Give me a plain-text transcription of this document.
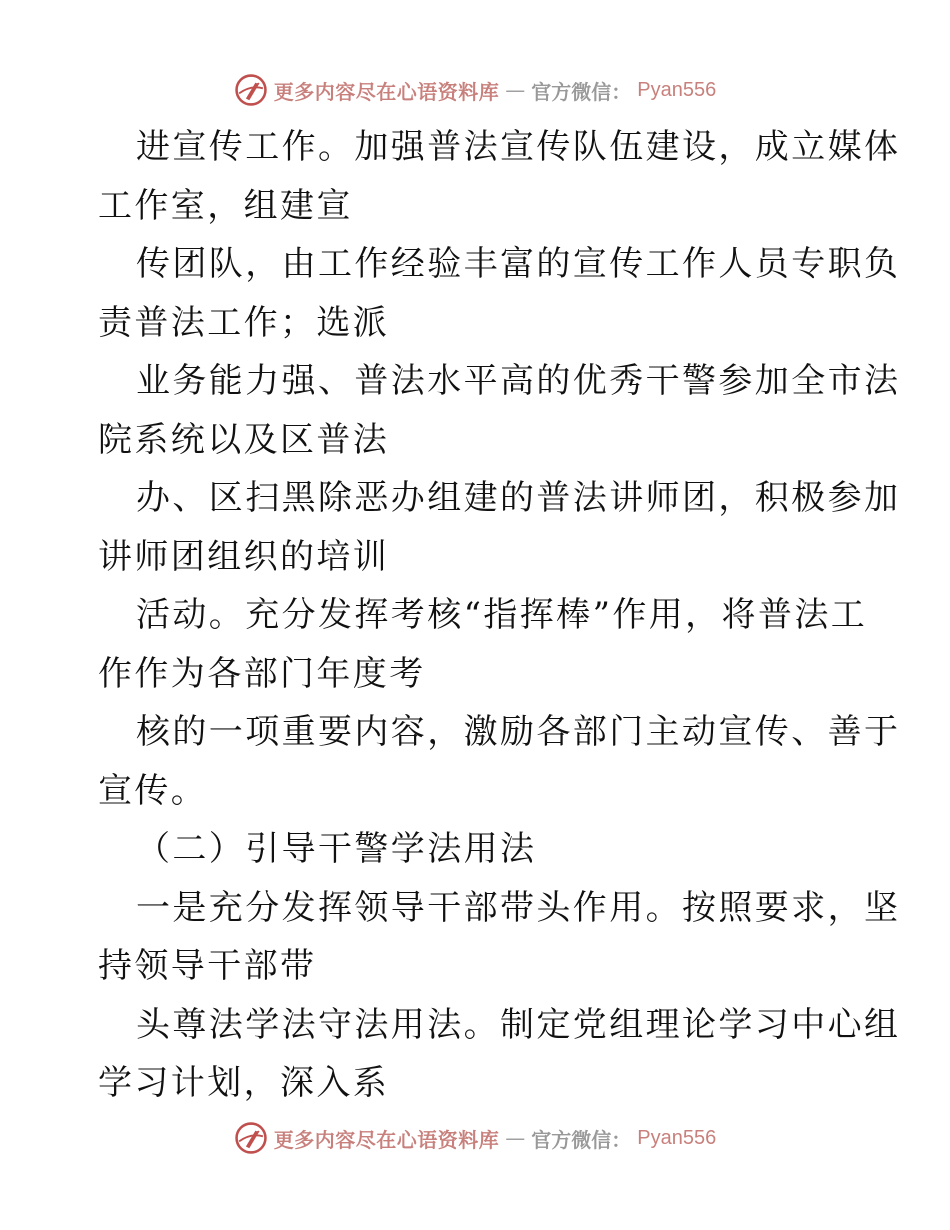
更多内容尽在心语资料库 — 官方微信： Pyan556
进宣传工作。加强普法宣传队伍建设，成立媒体
工作室，组建宣
传团队，由工作经验丰富的宣传工作人员专职负
责普法工作；选派
业务能力强、普法水平高的优秀干警参加全市法
院系统以及区普法
办、区扫黑除恶办组建的普法讲师团，积极参加
讲师团组织的培训
活动。充分发挥考核“指挥棒”作用，将普法工
作作为各部门年度考
核的一项重要内容，激励各部门主动宣传、善于
宣传。
（二）引导干警学法用法
一是充分发挥领导干部带头作用。按照要求，坚
持领导干部带
头尊法学法守法用法。制定党组理论学习中心组
学习计划，深入系
更多内容尽在心语资料库 — 官方微信： Pyan556
